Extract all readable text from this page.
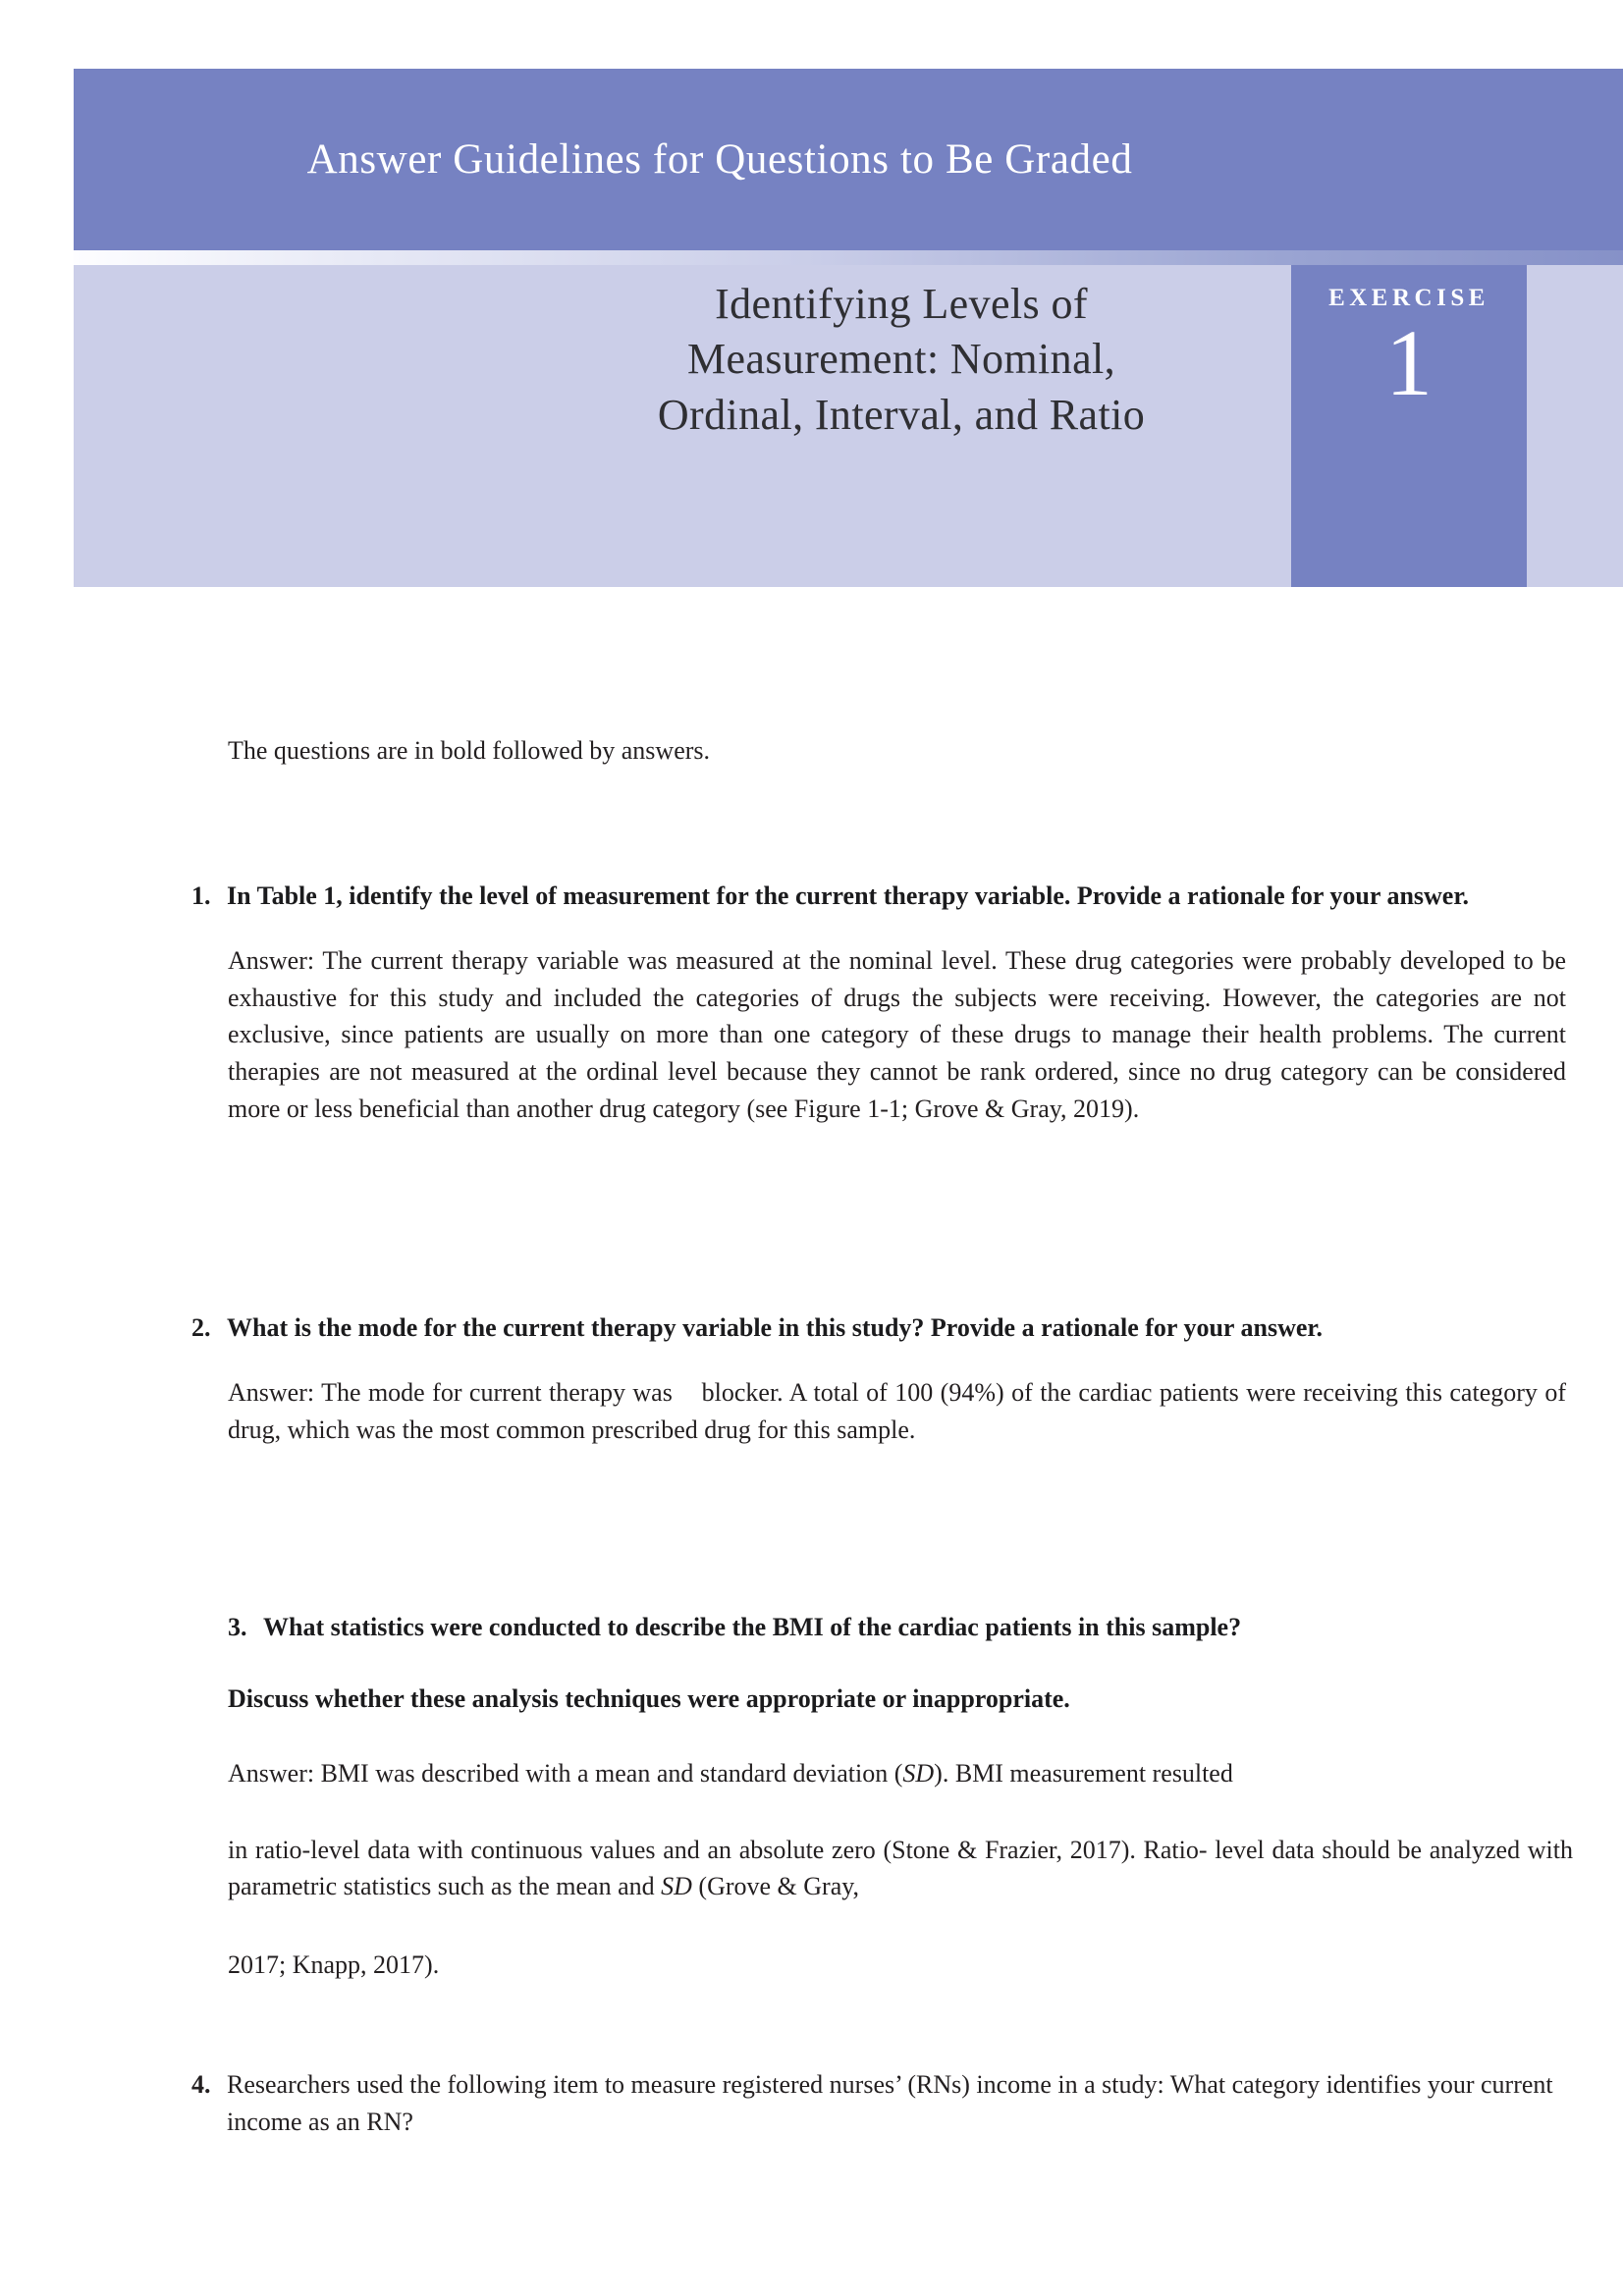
Answer Guidelines for Questions to Be Graded
Identifying Levels of
Measurement: Nominal,
Ordinal, Interval, and Ratio
EXERCISE
1
The questions are in bold followed by answers.
1. In Table 1, identify the level of measurement for the current therapy variable. Provide a rationale for your answer.
Answer: The current therapy variable was measured at the nominal level. These drug categories were probably developed to be exhaustive for this study and included the categories of drugs the subjects were receiving. However, the categories are not exclusive, since patients are usually on more than one category of these drugs to manage their health problems. The current therapies are not measured at the ordinal level because they cannot be rank ordered, since no drug category can be considered more or less beneficial than another drug category (see Figure 1-1; Grove & Gray, 2019).
2. What is the mode for the current therapy variable in this study? Provide a rationale for your answer.
Answer: The mode for current therapy was    blocker. A total of 100 (94%) of the cardiac patients were receiving this category of drug, which was the most common prescribed drug for this sample.
3. What statistics were conducted to describe the BMI of the cardiac patients in this sample?
Discuss whether these analysis techniques were appropriate or inappropriate.
Answer: BMI was described with a mean and standard deviation (SD). BMI measurement resulted
in ratio-level data with continuous values and an absolute zero (Stone & Frazier, 2017). Ratio- level data should be analyzed with parametric statistics such as the mean and SD (Grove & Gray,
2017; Knapp, 2017).
4. Researchers used the following item to measure registered nurses’ (RNs) income in a study: What category identifies your current income as an RN?
